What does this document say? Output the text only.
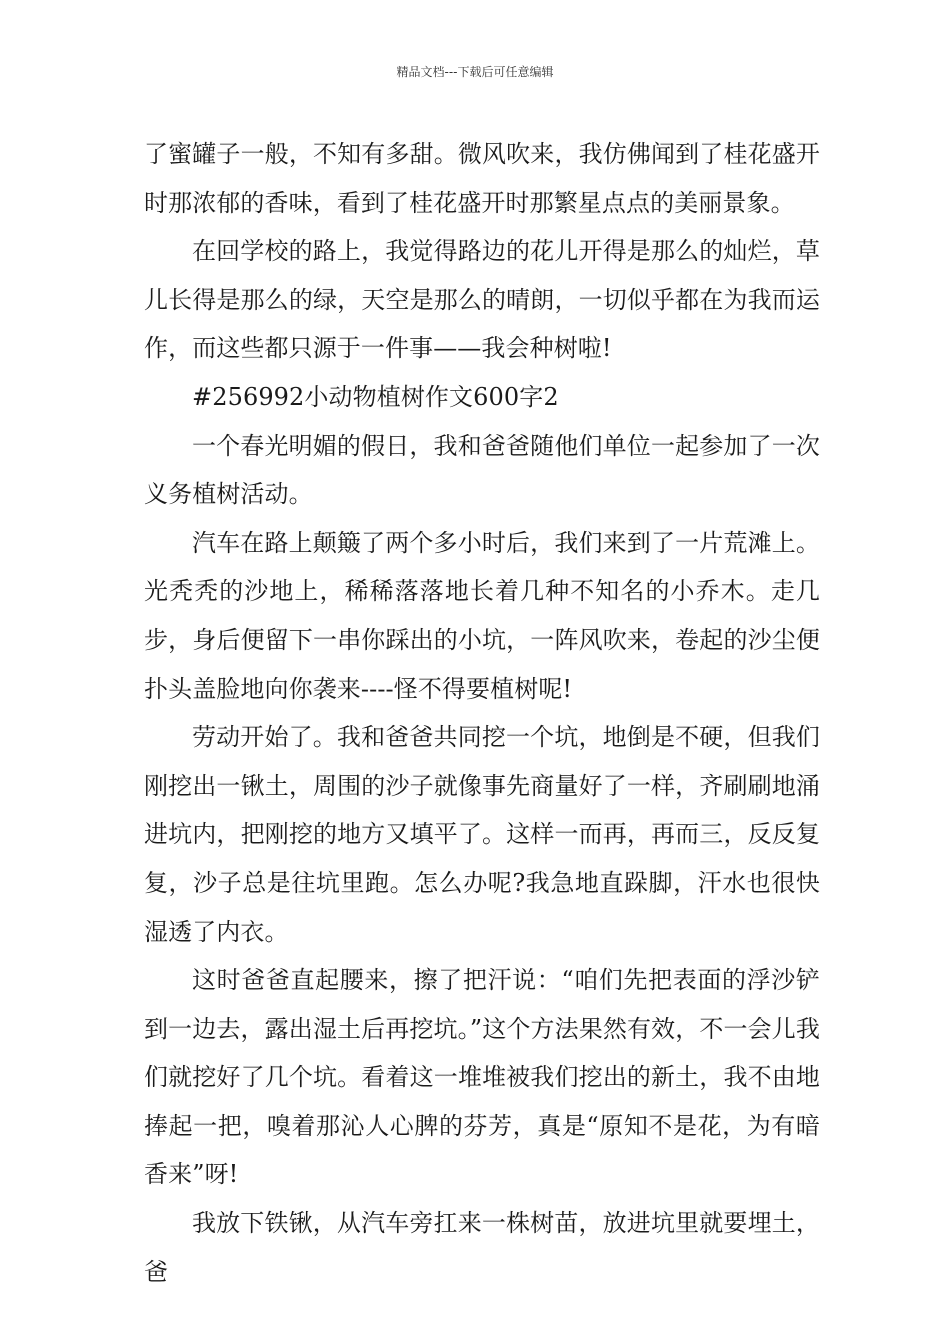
精品文档---下载后可任意编辑

了蜜罐子一般，不知有多甜。微风吹来，我仿佛闻到了桂花盛开时那浓郁的香味，看到了桂花盛开时那繁星点点的美丽景象。

在回学校的路上，我觉得路边的花儿开得是那么的灿烂，草儿长得是那么的绿，天空是那么的晴朗，一切似乎都在为我而运作，而这些都只源于一件事——我会种树啦!

#256992小动物植树作文600字2

一个春光明媚的假日，我和爸爸随他们单位一起参加了一次义务植树活动。

汽车在路上颠簸了两个多小时后，我们来到了一片荒滩上。光秃秃的沙地上，稀稀落落地长着几种不知名的小乔木。走几步，身后便留下一串你踩出的小坑，一阵风吹来，卷起的沙尘便扑头盖脸地向你袭来----怪不得要植树呢!

劳动开始了。我和爸爸共同挖一个坑，地倒是不硬，但我们刚挖出一锹土，周围的沙子就像事先商量好了一样，齐刷刷地涌进坑内，把刚挖的地方又填平了。这样一而再，再而三，反反复复，沙子总是往坑里跑。怎么办呢?我急地直跺脚，汗水也很快湿透了内衣。

这时爸爸直起腰来，擦了把汗说：“咱们先把表面的浮沙铲到一边去，露出湿土后再挖坑。”这个方法果然有效，不一会儿我们就挖好了几个坑。看着这一堆堆被我们挖出的新土，我不由地捧起一把，嗅着那沁人心脾的芬芳，真是“原知不是花，为有暗香来”呀!

我放下铁锹，从汽车旁扛来一株树苗，放进坑里就要埋土，爸
